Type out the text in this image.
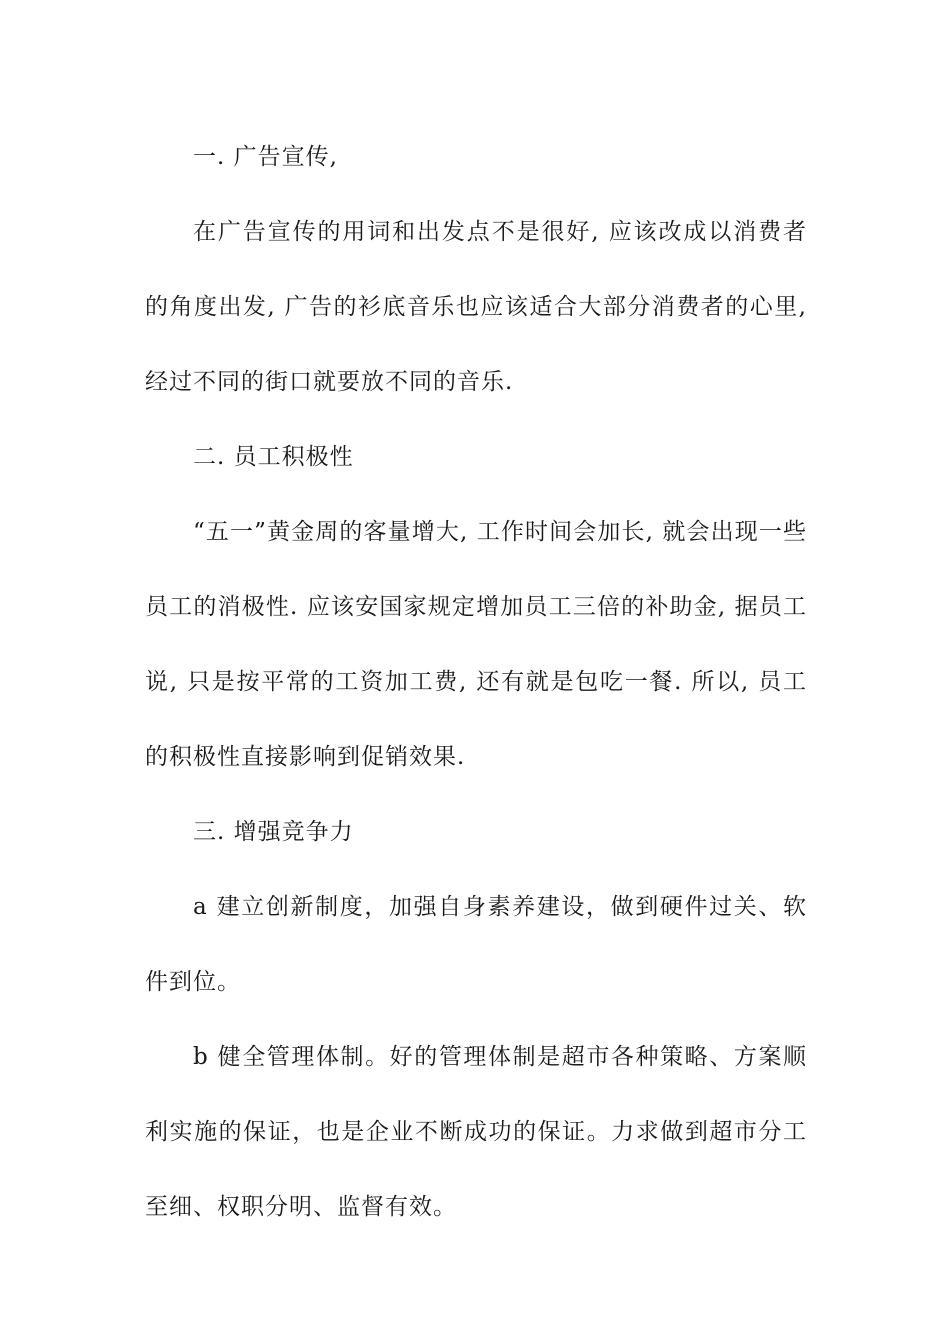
一. 广告宣传,

在广告宣传的用词和出发点不是很好, 应该改成以消费者的角度出发, 广告的衫底音乐也应该适合大部分消费者的心里, 经过不同的街口就要放不同的音乐.

二. 员工积极性

“五一”黄金周的客量增大, 工作时间会加长, 就会出现一些员工的消极性. 应该安国家规定增加员工三倍的补助金, 据员工说, 只是按平常的工资加工费, 还有就是包吃一餐. 所以, 员工的积极性直接影响到促销效果.

三. 增强竞争力

a 建立创新制度，加强自身素养建设，做到硬件过关、软件到位。

b 健全管理体制。好的管理体制是超市各种策略、方案顺利实施的保证，也是企业不断成功的保证。力求做到超市分工至细、权职分明、监督有效。
